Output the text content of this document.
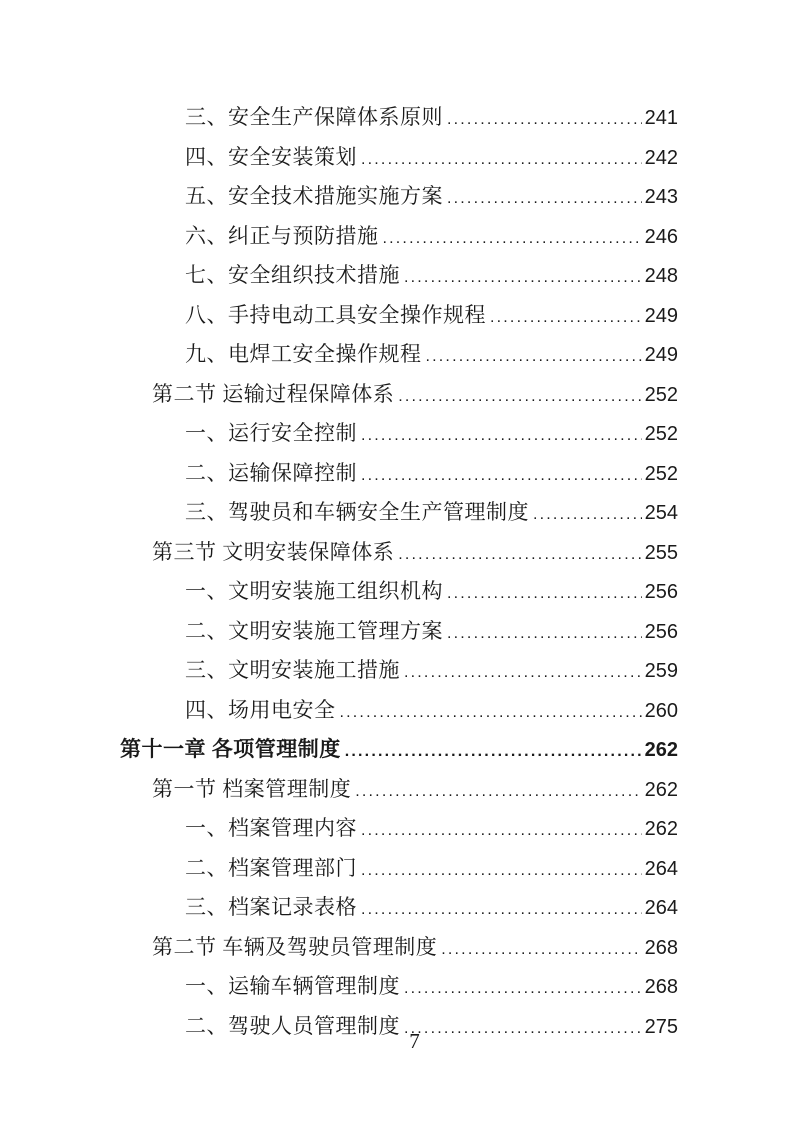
三、安全生产保障体系原则 .....	241
四、安全安装策划 .....	242
五、安全技术措施实施方案 .....	243
六、纠正与预防措施 .....	246
七、安全组织技术措施 .....	248
八、手持电动工具安全操作规程 .....	249
九、电焊工安全操作规程 .....	249
第二节 运输过程保障体系 .....	252
一、运行安全控制 .....	252
二、运输保障控制 .....	252
三、驾驶员和车辆安全生产管理制度 .....	254
第三节 文明安装保障体系 .....	255
一、文明安装施工组织机构 .....	256
二、文明安装施工管理方案 .....	256
三、文明安装施工措施 .....	259
四、场用电安全 .....	260
第十一章 各项管理制度 .....	262
第一节 档案管理制度 .....	262
一、档案管理内容 .....	262
二、档案管理部门 .....	264
三、档案记录表格 .....	264
第二节 车辆及驾驶员管理制度 .....	268
一、运输车辆管理制度 .....	268
二、驾驶人员管理制度 .....	275
7
